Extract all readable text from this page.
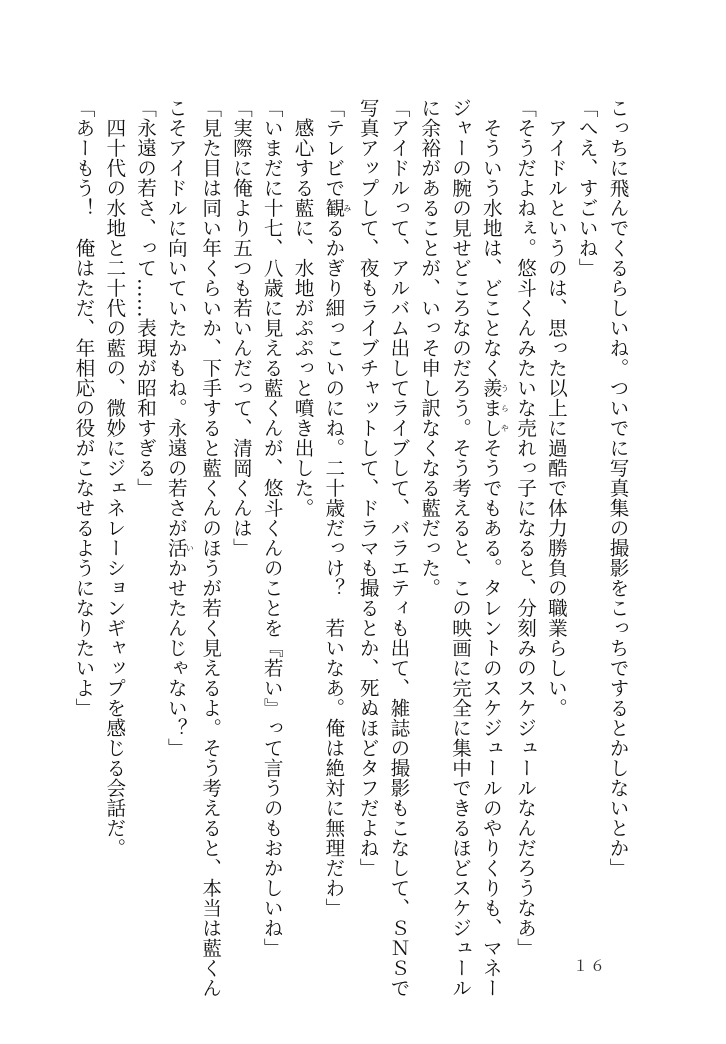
こっちに飛んでくるらしいね。ついでに写真集の撮影をこっちでするとかしないとか」
「へえ、すごいね」
　アイドルというのは、思った以上に過酷で体力勝負の職業らしい。
「そうだよねぇ。悠斗くんみたいな売れっ子になると、分刻みのスケジュールなんだろうなあ」
　そういう水地は、どことなく羨ましうらやそうでもある。タレントのスケジュールのやりくりも、マネー
ジャーの腕の見せどころなのだろう。そう考えると、この映画に完全に集中できるほどスケジュール
に余裕があることが、いっそ申し訳なくなる藍だった。
「アイドルって、アルバム出してライブして、バラエティも出て、雑誌の撮影もこなして、ＳＮＳで
写真アップして、夜もライブチャットして、ドラマも撮るとか、死ぬほどタフだよね」
「テレビで観みるかぎり細っこいのにね。二十歳だっけ？　若いなあ。俺は絶対に無理だわ」
　感心する藍に、水地がぷぷっと噴き出した。
「いまだに十七、八歳に見える藍くんが、悠斗くんのことを『若い』って言うのもおかしいね」
「実際に俺より五つも若いんだって、清岡くんは」
「見た目は同い年くらいか、下手すると藍くんのほうが若く見えるよ。そう考えると、本当は藍くん
こそアイドルに向いていたかもね。永遠の若さが活いかせたんじゃない？」
「永遠の若さ、って……表現が昭和すぎる」
　四十代の水地と二十代の藍の、微妙にジェネレーションギャップを感じる会話だ。
「あーもう！　俺はただ、年相応の役がこなせるようになりたいよ」
１６
